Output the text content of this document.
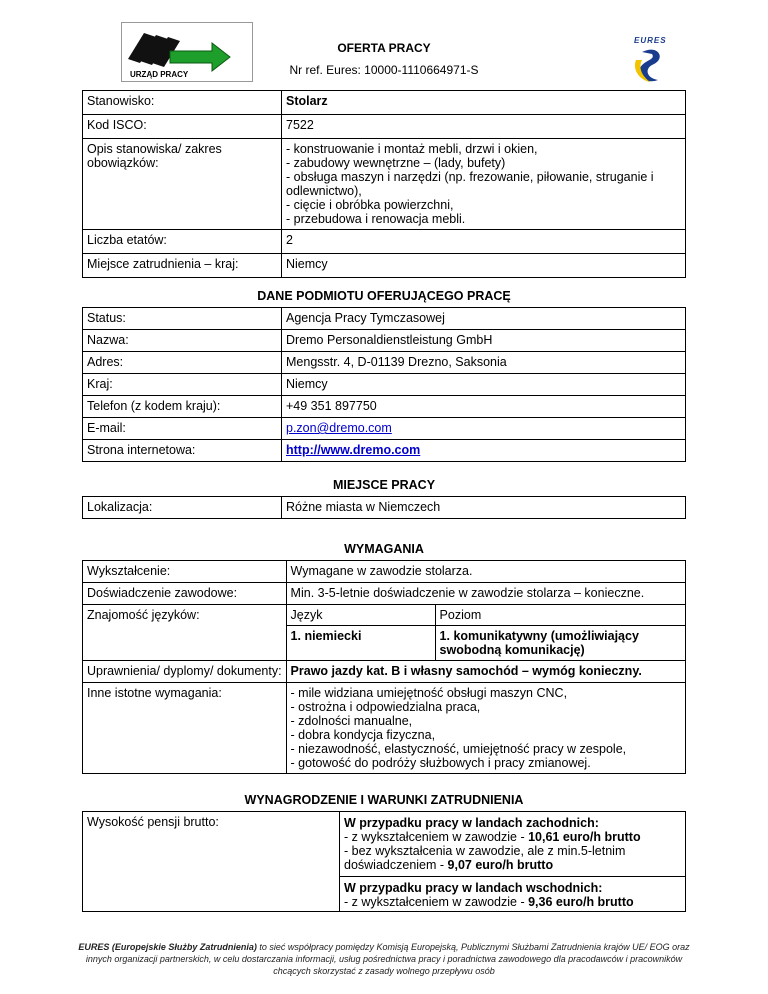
URZĄD PRACY
EURES
OFERTA PRACY
Nr ref. Eures: 10000-1110664971-S
Stanowisko:	Stolarz
Kod ISCO:	7522
Opis stanowiska/ zakres obowiązków:	- konstruowanie i montaż mebli, drzwi i okien,
- zabudowy wewnętrzne – (lady, bufety)
- obsługa maszyn i narzędzi (np. frezowanie, piłowanie, struganie i odlewnictwo),
- cięcie i obróbka powierzchni,
- przebudowa i renowacja mebli.

Liczba etatów:	2
Miejsce zatrudnienia – kraj:	Niemcy
DANE PODMIOTU OFERUJĄCEGO PRACĘ
Status:	Agencja Pracy Tymczasowej
Nazwa:	Dremo Personaldienstleistung GmbH
Adres:	Mengsstr. 4, D-01139 Drezno, Saksonia
Kraj:	Niemcy
Telefon (z kodem kraju):	+49 351 897750
E-mail:	p.zon@dremo.com
Strona internetowa:	http://www.dremo.com
MIEJSCE PRACY
Lokalizacja:	Różne miasta w Niemczech
WYMAGANIA
Wykształcenie:	Wymagane w zawodzie stolarza.
Doświadczenie zawodowe:	Min. 3-5-letnie doświadczenie w zawodzie stolarza – konieczne.
Znajomość języków:		Język	Poziom
1. niemiecki	1. komunikatywny (umożliwiający swobodną komunikację)

Uprawnienia/ dyplomy/ dokumenty:	Prawo jazdy kat. B i własny samochód – wymóg konieczny.
Inne istotne wymagania:	- mile widziana umiejętność obsługi maszyn CNC,
- ostrożna i odpowiedzialna praca,
- zdolności manualne,
- dobra kondycja fizyczna,
- niezawodność, elastyczność, umiejętność pracy w zespole,
- gotowość do podróży służbowych i pracy zmianowej.
WYNAGRODZENIE I WARUNKI ZATRUDNIENIA
Wysokość pensji brutto:	W przypadku pracy w landach zachodnich:
- z wykształceniem w zawodzie - 10,61 euro/h brutto
- bez wykształcenia w zawodzie, ale z min.5-letnim doświadczeniem - 9,07 euro/h brutto
W przypadku pracy w landach wschodnich:
- z wykształceniem w zawodzie - 9,36 euro/h brutto
EURES (Europejskie Służby Zatrudnienia) to sieć współpracy pomiędzy Komisją Europejską, Publicznymi Służbami Zatrudnienia krajów UE/ EOG oraz innych organizacji partnerskich, w celu dostarczania informacji, usług pośrednictwa pracy i poradnictwa zawodowego dla pracodawców i pracowników chcących skorzystać z zasady wolnego przepływu osób
